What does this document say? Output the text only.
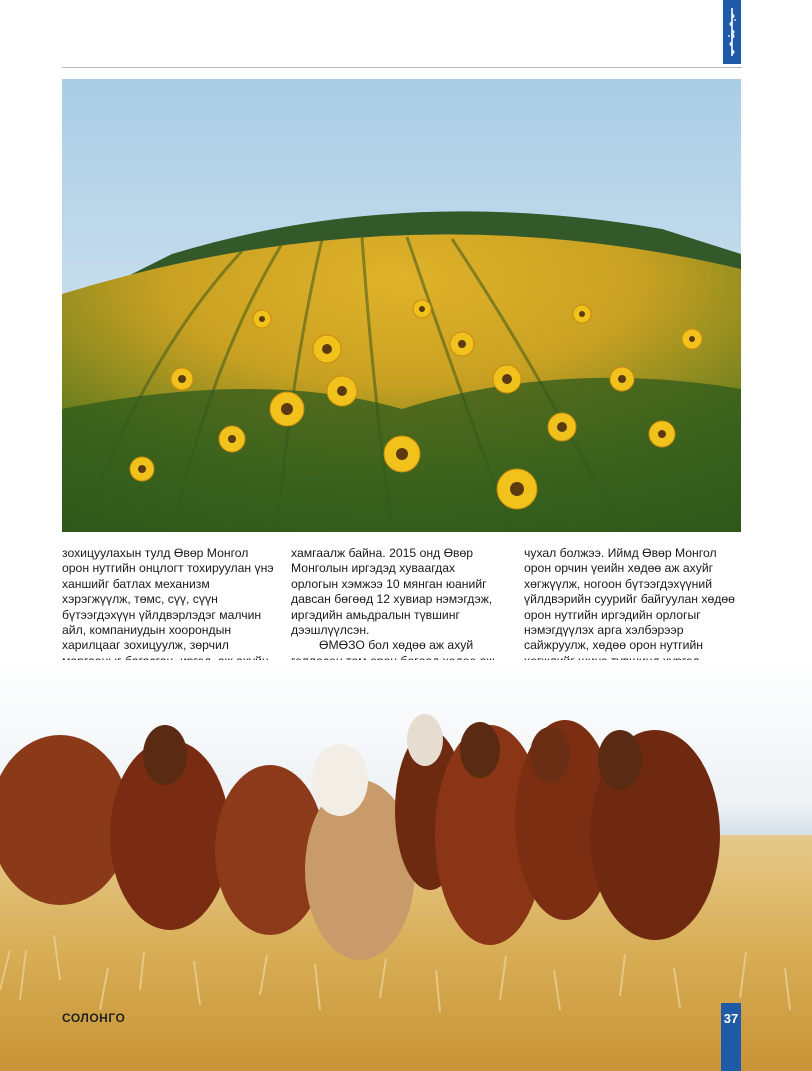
зохицуулахын тулд Өвөр Монгол орон нутгийн онцлогт тохируулан үнэ ханшийг батлах механизм хэрэгжүүлж, төмс, сүү, сүүн бүтээгдэхүүн үйлдвэрлэдэг малчин айл, компаниудын хоорондын харилцааг зохицуулж, зөрчил

хамгаалж байна. 2015 онд Өвөр Монголын иргэдэд хуваагдах орлогын хэмжээ 10 мянган юанийг давсан бөгөөд 12 хувиар нэмэгдэж, иргэдийн амьдралын түвшинг дээшлүүлсэн.

ӨМӨЗО бол хөдөө аж ахуй

чухал болжээ. Иймд Өвөр Монгол орон орчин үеийн хөдөө аж ахуйг хөгжүүлж, ногоон бүтээгдэхүүний үйлдвэрийн суурийг байгуулан хөдөө орон нутгийн иргэдийн орлогыг нэмэгдүүлэх арга хэлбэрээр сайжруулж, хөдөө орон нутгийн

СОЛОНГО	37
